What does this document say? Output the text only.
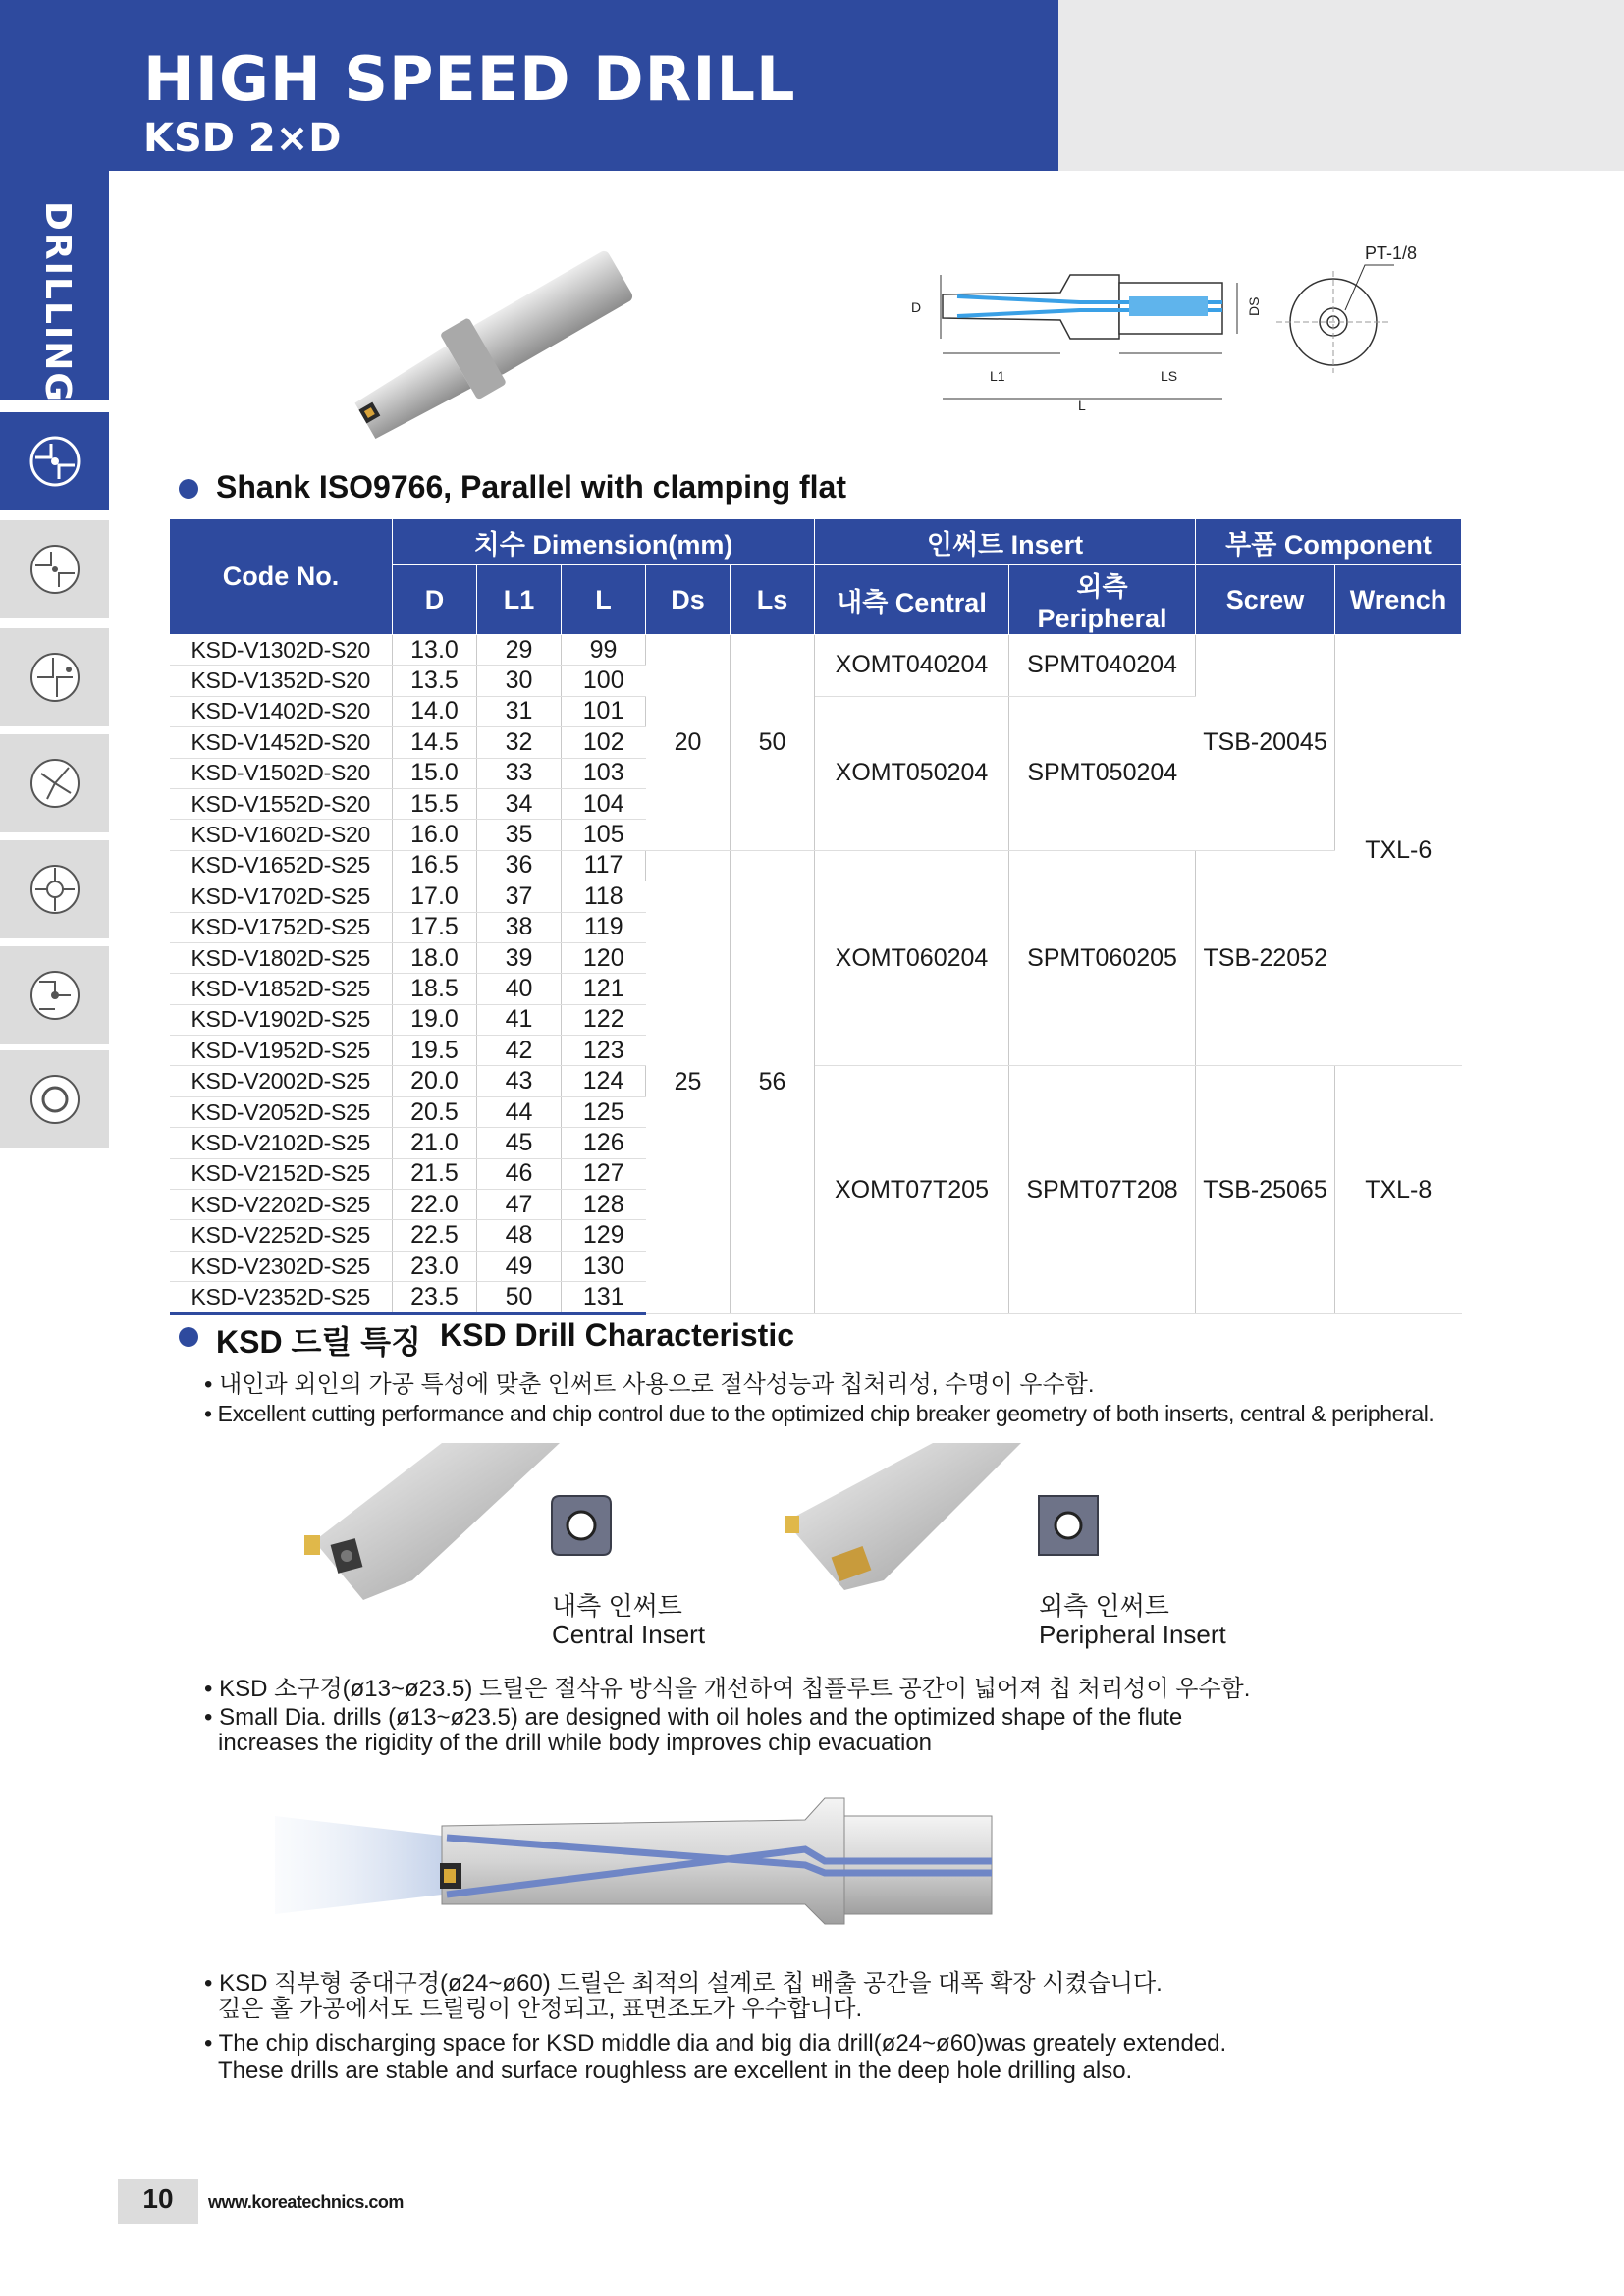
HIGH SPEED DRILL
KSD 2×D
DRILLING	D	DS
L1	LS
L
PT-1/8
Shank ISO9766, Parallel with clamping flat
Code No.	치수 Dimension(mm)					인써트 Insert		부품 Component	
	D	L1	L	Ds	Ls	내측 Central	외측 Peripheral	Screw	Wrench
KSD-V1302D-S20	13.0	29	99	20	50	XOMT040204	SPMT040204	TSB-20045	TXL-6
KSD-V1352D-S20	13.5	30	100						
KSD-V1402D-S20	14.0	31	101			XOMT050204	SPMT050204		
KSD-V1452D-S20	14.5	32	102						
KSD-V1502D-S20	15.0	33	103						
KSD-V1552D-S20	15.5	34	104						
KSD-V1602D-S20	16.0	35	105						
KSD-V1652D-S25	16.5	36	117	25	56	XOMT060204	SPMT060205	TSB-22052	
KSD-V1702D-S25	17.0	37	118						
KSD-V1752D-S25	17.5	38	119						
KSD-V1802D-S25	18.0	39	120						
KSD-V1852D-S25	18.5	40	121						
KSD-V1902D-S25	19.0	41	122						
KSD-V1952D-S25	19.5	42	123						
KSD-V2002D-S25	20.0	43	124			XOMT07T205	SPMT07T208	TSB-25065	TXL-8
KSD-V2052D-S25	20.5	44	125						
KSD-V2102D-S25	21.0	45	126						
KSD-V2152D-S25	21.5	46	127						
KSD-V2202D-S25	22.0	47	128						
KSD-V2252D-S25	22.5	48	129						
KSD-V2302D-S25	23.0	49	130						
KSD-V2352D-S25	23.5	50	131						
KSD 드릴 특징 KSD Drill Characteristic
• 내인과 외인의 가공 특성에 맞춘 인써트 사용으로 절삭성능과 칩처리성, 수명이 우수함.
• Excellent cutting performance and chip control due to the optimized chip breaker geometry of both inserts, central & peripheral.
내측 인써트
Central Insert
외측 인써트
Peripheral Insert
• KSD 소구경(ø13~ø23.5) 드릴은 절삭유 방식을 개선하여 칩플루트 공간이 넓어져 칩 처리성이 우수함.
• Small Dia. drills (ø13~ø23.5) are designed with oil holes and the optimized shape of the flute
increases the rigidity of the drill while body improves chip evacuation
• KSD 직부형 중대구경(ø24~ø60) 드릴은 최적의 설계로 칩 배출 공간을 대폭 확장 시켰습니다.
깊은 홀 가공에서도 드릴링이 안정되고, 표면조도가 우수합니다.
• The chip discharging space for KSD middle dia and big dia drill(ø24~ø60)was greately extended.
These drills are stable and surface roughless are excellent in the deep hole drilling also.
10	www.koreatechnics.com
